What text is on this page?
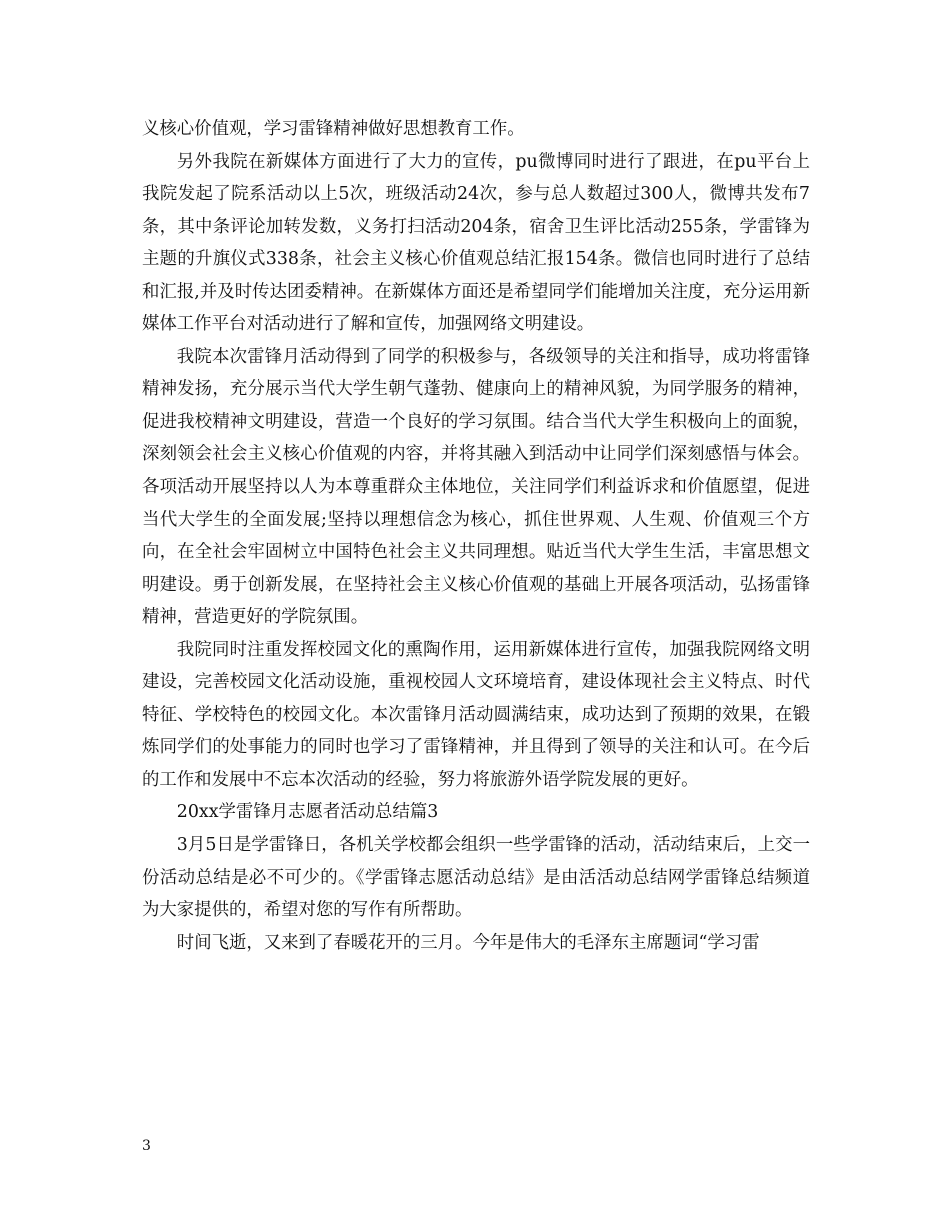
义核心价值观，学习雷锋精神做好思想教育工作。

另外我院在新媒体方面进行了大力的宣传，pu微博同时进行了跟进，在pu平台上我院发起了院系活动以上5次，班级活动24次，参与总人数超过300人，微博共发布7条，其中条评论加转发数，义务打扫活动204条，宿舍卫生评比活动255条，学雷锋为主题的升旗仪式338条，社会主义核心价值观总结汇报154条。微信也同时进行了总结和汇报,并及时传达团委精神。在新媒体方面还是希望同学们能增加关注度，充分运用新媒体工作平台对活动进行了解和宣传，加强网络文明建设。

我院本次雷锋月活动得到了同学的积极参与，各级领导的关注和指导，成功将雷锋精神发扬，充分展示当代大学生朝气蓬勃、健康向上的精神风貌，为同学服务的精神，促进我校精神文明建设，营造一个良好的学习氛围。结合当代大学生积极向上的面貌，深刻领会社会主义核心价值观的内容，并将其融入到活动中让同学们深刻感悟与体会。各项活动开展坚持以人为本尊重群众主体地位，关注同学们利益诉求和价值愿望，促进当代大学生的全面发展;坚持以理想信念为核心，抓住世界观、人生观、价值观三个方向，在全社会牢固树立中国特色社会主义共同理想。贴近当代大学生生活，丰富思想文明建设。勇于创新发展，在坚持社会主义核心价值观的基础上开展各项活动，弘扬雷锋精神，营造更好的学院氛围。

我院同时注重发挥校园文化的熏陶作用，运用新媒体进行宣传，加强我院网络文明建设，完善校园文化活动设施，重视校园人文环境培育，建设体现社会主义特点、时代特征、学校特色的校园文化。本次雷锋月活动圆满结束，成功达到了预期的效果，在锻炼同学们的处事能力的同时也学习了雷锋精神，并且得到了领导的关注和认可。在今后的工作和发展中不忘本次活动的经验，努力将旅游外语学院发展的更好。

20xx学雷锋月志愿者活动总结篇3

3月5日是学雷锋日，各机关学校都会组织一些学雷锋的活动，活动结束后，上交一份活动总结是必不可少的。《学雷锋志愿活动总结》是由活活动总结网学雷锋总结频道为大家提供的，希望对您的写作有所帮助。

时间飞逝，又来到了春暖花开的三月。今年是伟大的毛泽东主席题词“学习雷

3
